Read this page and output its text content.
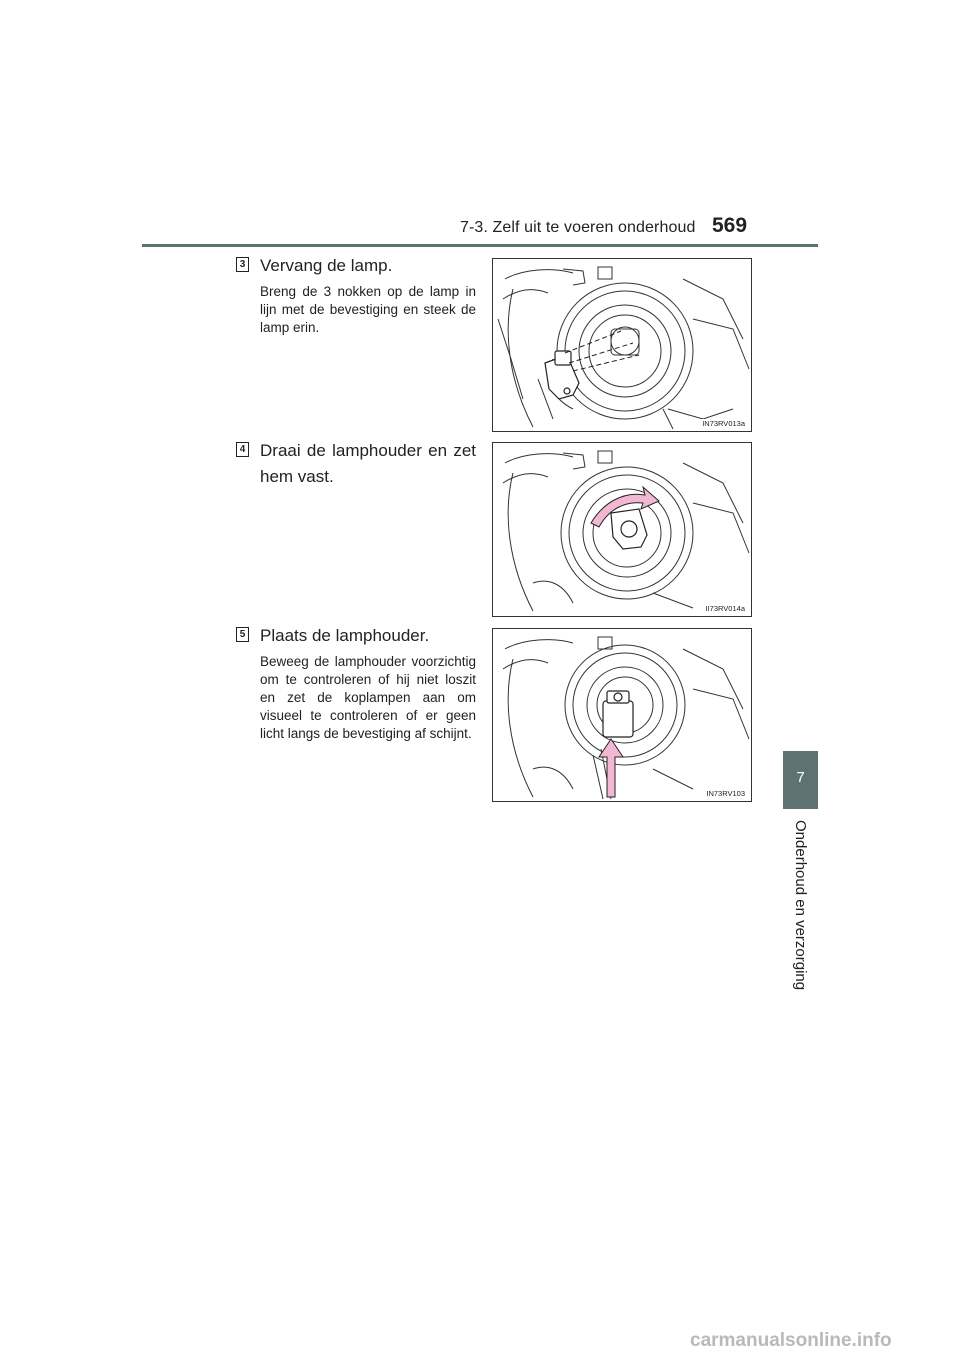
7-3. Zelf uit te voeren onderhoud 569
7
Onderhoud en verzorging
3 Vervang de lamp.
Breng de 3 nokken op de lamp in lijn met de bevestiging en steek de lamp erin.
IN73RV013a
4 Draai de lamphouder en zet hem vast.
II73RV014a
5 Plaats de lamphouder.
Beweeg de lamphouder voorzichtig om te controleren of hij niet loszit en zet de koplampen aan om visueel te controleren of er geen licht langs de bevestiging af schijnt.
IN73RV103
carmanualsonline.info
